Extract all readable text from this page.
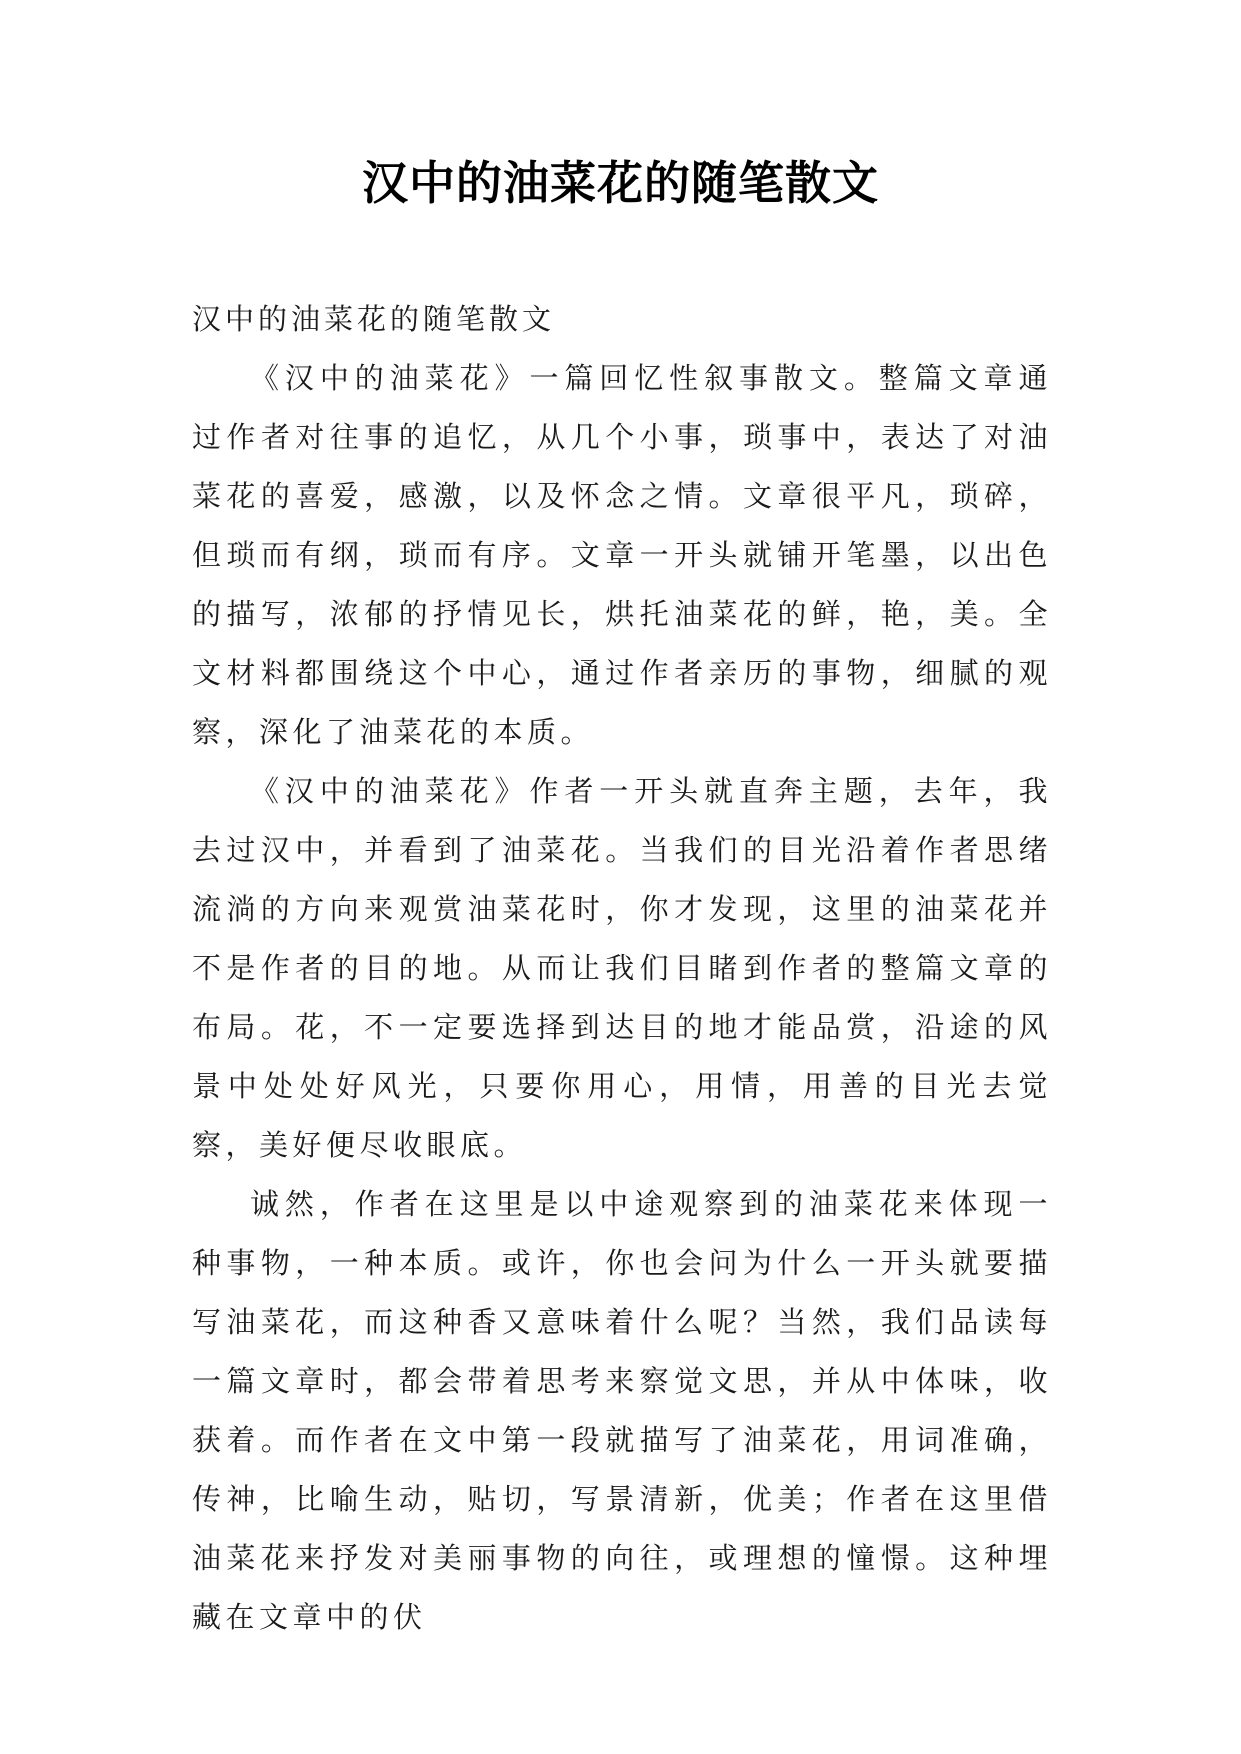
汉中的油菜花的随笔散文

汉中的油菜花的随笔散文

《汉中的油菜花》一篇回忆性叙事散文。整篇文章通过作者对往事的追忆，从几个小事，琐事中，表达了对油菜花的喜爱，感激，以及怀念之情。文章很平凡，琐碎，但琐而有纲，琐而有序。文章一开头就铺开笔墨，以出色的描写，浓郁的抒情见长，烘托油菜花的鲜，艳，美。全文材料都围绕这个中心，通过作者亲历的事物，细腻的观察，深化了油菜花的本质。

《汉中的油菜花》作者一开头就直奔主题，去年，我去过汉中，并看到了油菜花。当我们的目光沿着作者思绪流淌的方向来观赏油菜花时，你才发现，这里的油菜花并不是作者的目的地。从而让我们目睹到作者的整篇文章的布局。花，不一定要选择到达目的地才能品赏，沿途的风景中处处好风光，只要你用心，用情，用善的目光去觉察，美好便尽收眼底。

诚然，作者在这里是以中途观察到的油菜花来体现一种事物，一种本质。或许，你也会问为什么一开头就要描写油菜花，而这种香又意味着什么呢？当然，我们品读每一篇文章时，都会带着思考来察觉文思，并从中体味，收获着。而作者在文中第一段就描写了油菜花，用词准确，传神，比喻生动，贴切，写景清新，优美；作者在这里借油菜花来抒发对美丽事物的向往，或理想的憧憬。这种埋藏在文章中的伏
